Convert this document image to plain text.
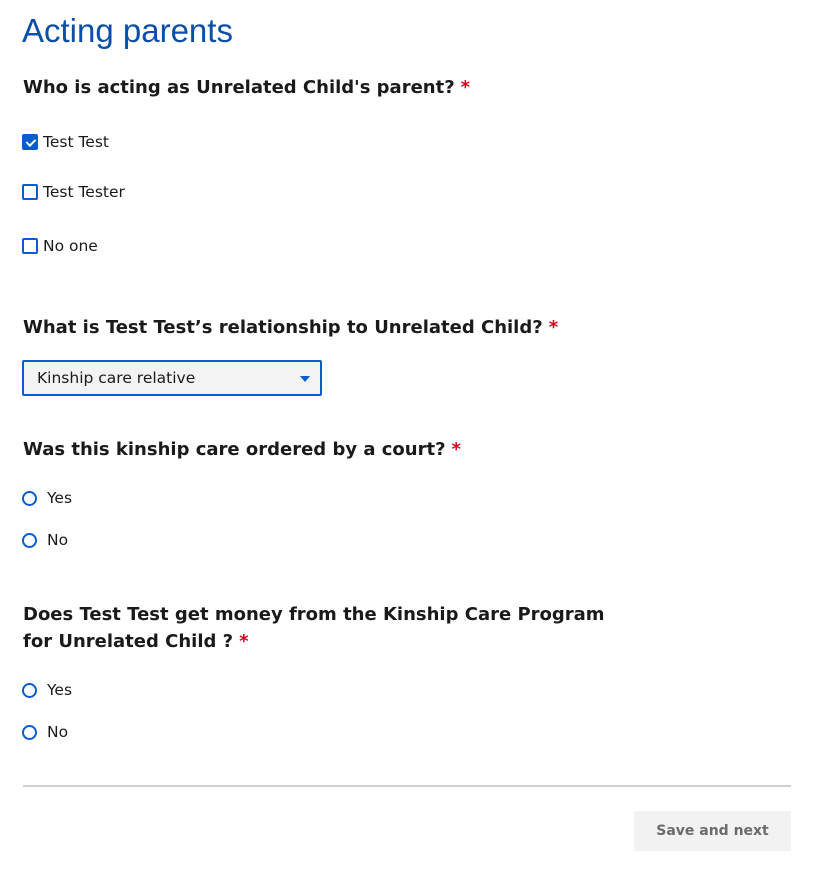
Acting parents

Who is acting as Unrelated Child's parent? *

Test Test
Test Tester
No one

What is Test Test’s relationship to Unrelated Child? *

Kinship care relative

Was this kinship care ordered by a court? *

Yes
No

Does Test Test get money from the Kinship Care Program
for Unrelated Child ? *

Yes
No
Save and next
